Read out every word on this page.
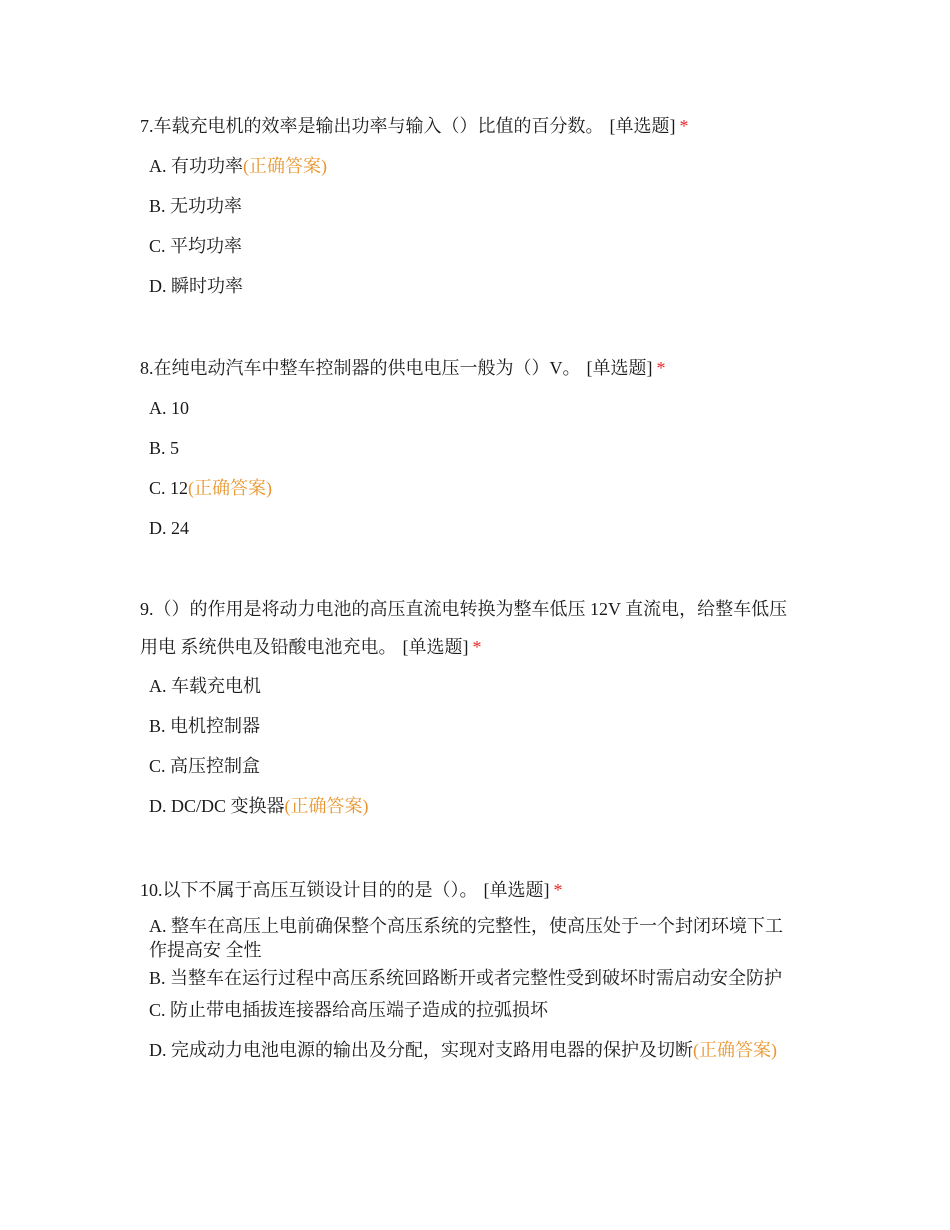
7.车载充电机的效率是输出功率与输入（）比值的百分数。 [单选题] *

A. 有功功率(正确答案)
B. 无功功率
C. 平均功率
D. 瞬时功率

8.在纯电动汽车中整车控制器的供电电压一般为（）V。 [单选题] *

A. 10
B. 5
C. 12(正确答案)
D. 24

9.（）的作用是将动力电池的高压直流电转换为整车低压 12V 直流电，给整车低压
用电 系统供电及铅酸电池充电。 [单选题] *

A. 车载充电机
B. 电机控制器
C. 高压控制盒
D. DC/DC 变换器(正确答案)

10.以下不属于高压互锁设计目的的是（）。 [单选题] *

A. 整车在高压上电前确保整个高压系统的完整性，使高压处于一个封闭环境下工作提高安 全性
B. 当整车在运行过程中高压系统回路断开或者完整性受到破坏时需启动安全防护
C. 防止带电插拔连接器给高压端子造成的拉弧损坏
D. 完成动力电池电源的输出及分配，实现对支路用电器的保护及切断(正确答案)
